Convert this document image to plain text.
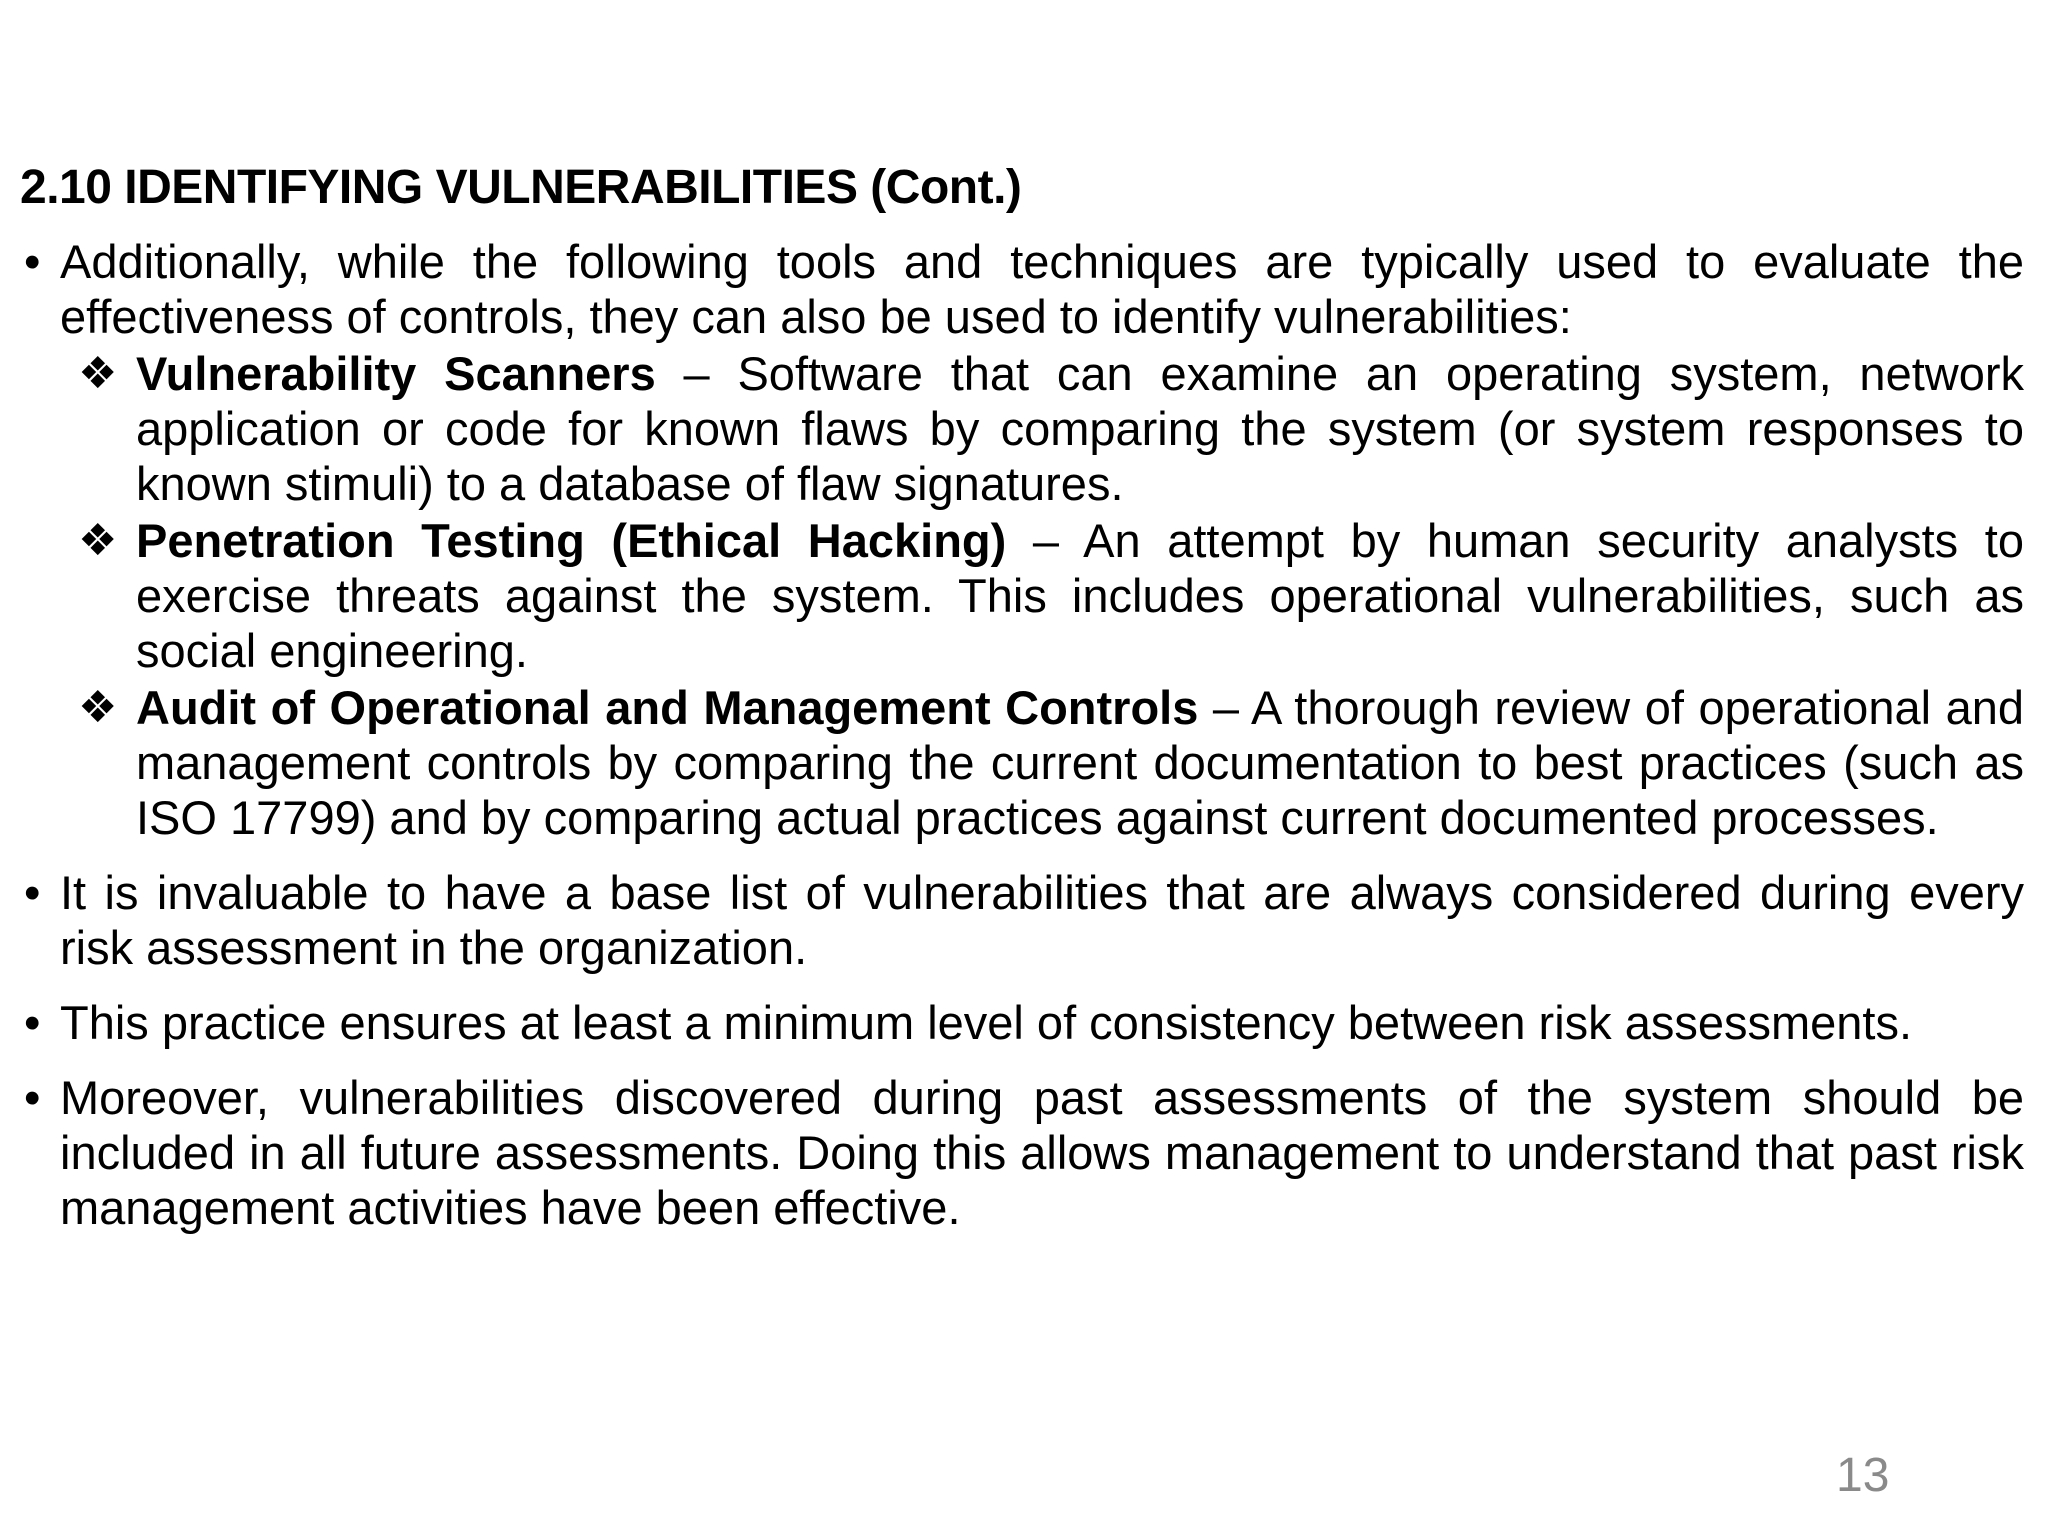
2.10 IDENTIFYING VULNERABILITIES (Cont.)
• Additionally, while the following tools and techniques are typically used to evaluate the effectiveness of controls, they can also be used to identify vulnerabilities:
❖ Vulnerability Scanners – Software that can examine an operating system, network application or code for known flaws by comparing the system (or system responses to known stimuli) to a database of flaw signatures.
❖ Penetration Testing (Ethical Hacking) – An attempt by human security analysts to exercise threats against the system. This includes operational vulnerabilities, such as social engineering.
❖ Audit of Operational and Management Controls – A thorough review of operational and management controls by comparing the current documentation to best practices (such as ISO 17799) and by comparing actual practices against current documented processes.
• It is invaluable to have a base list of vulnerabilities that are always considered during every risk assessment in the organization.
• This practice ensures at least a minimum level of consistency between risk assessments.
• Moreover, vulnerabilities discovered during past assessments of the system should be included in all future assessments. Doing this allows management to understand that past risk management activities have been effective.
13
